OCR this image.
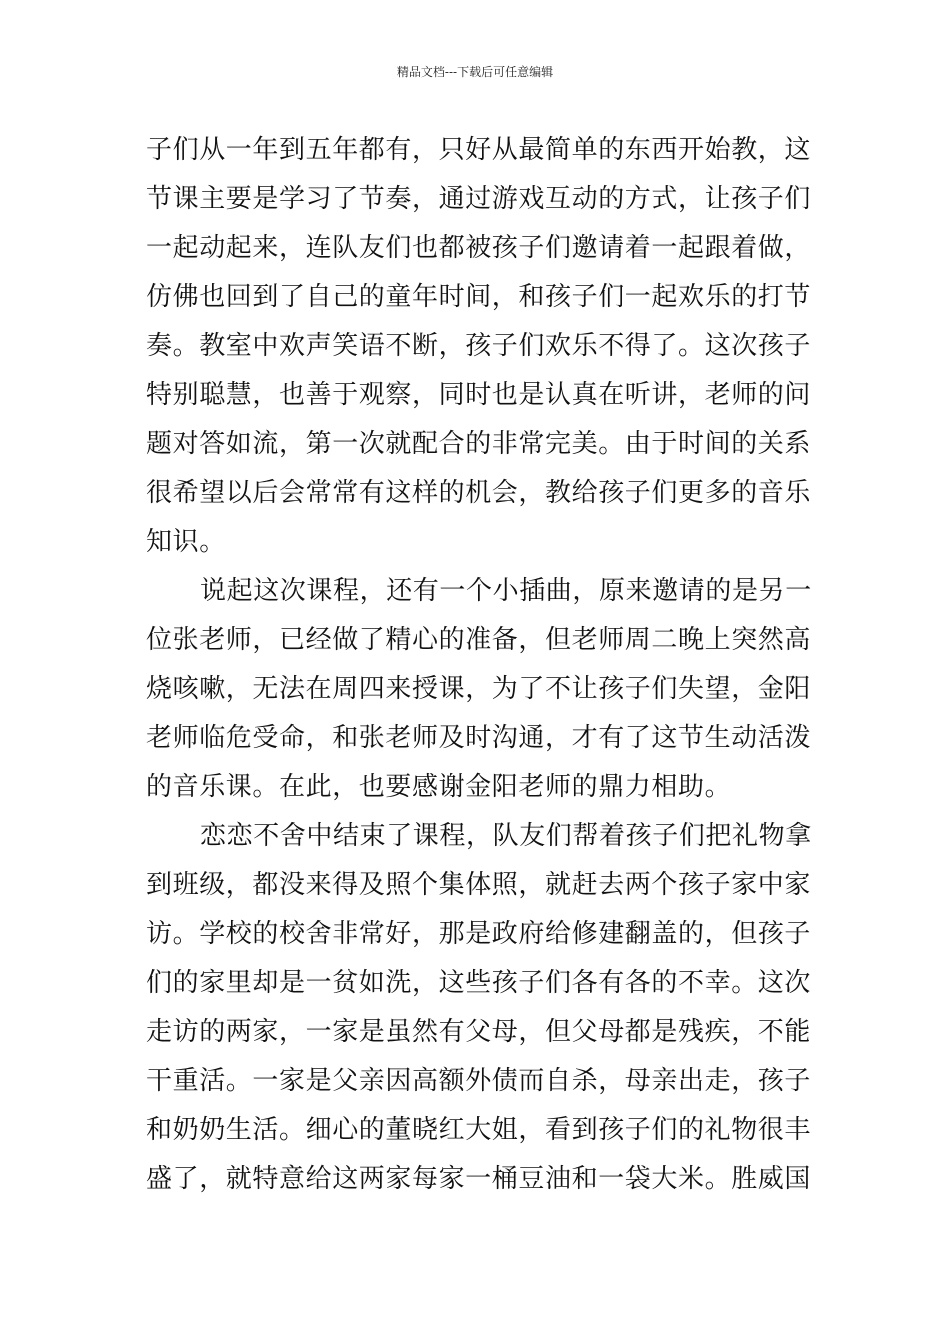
精品文档---下载后可任意编辑
子们从一年到五年都有，只好从最简单的东西开始教，这
节课主要是学习了节奏，通过游戏互动的方式，让孩子们
一起动起来，连队友们也都被孩子们邀请着一起跟着做，
仿佛也回到了自己的童年时间，和孩子们一起欢乐的打节
奏。教室中欢声笑语不断，孩子们欢乐不得了。这次孩子
特别聪慧，也善于观察，同时也是认真在听讲，老师的问
题对答如流，第一次就配合的非常完美。由于时间的关系
很希望以后会常常有这样的机会，教给孩子们更多的音乐
知识。
说起这次课程，还有一个小插曲，原来邀请的是另一
位张老师，已经做了精心的准备，但老师周二晚上突然高
烧咳嗽，无法在周四来授课，为了不让孩子们失望，金阳
老师临危受命，和张老师及时沟通，才有了这节生动活泼
的音乐课。在此，也要感谢金阳老师的鼎力相助。
恋恋不舍中结束了课程，队友们帮着孩子们把礼物拿
到班级，都没来得及照个集体照，就赶去两个孩子家中家
访。学校的校舍非常好，那是政府给修建翻盖的，但孩子
们的家里却是一贫如洗，这些孩子们各有各的不幸。这次
走访的两家，一家是虽然有父母，但父母都是残疾，不能
干重活。一家是父亲因高额外债而自杀，母亲出走，孩子
和奶奶生活。细心的董晓红大姐，看到孩子们的礼物很丰
盛了，就特意给这两家每家一桶豆油和一袋大米。胜威国
